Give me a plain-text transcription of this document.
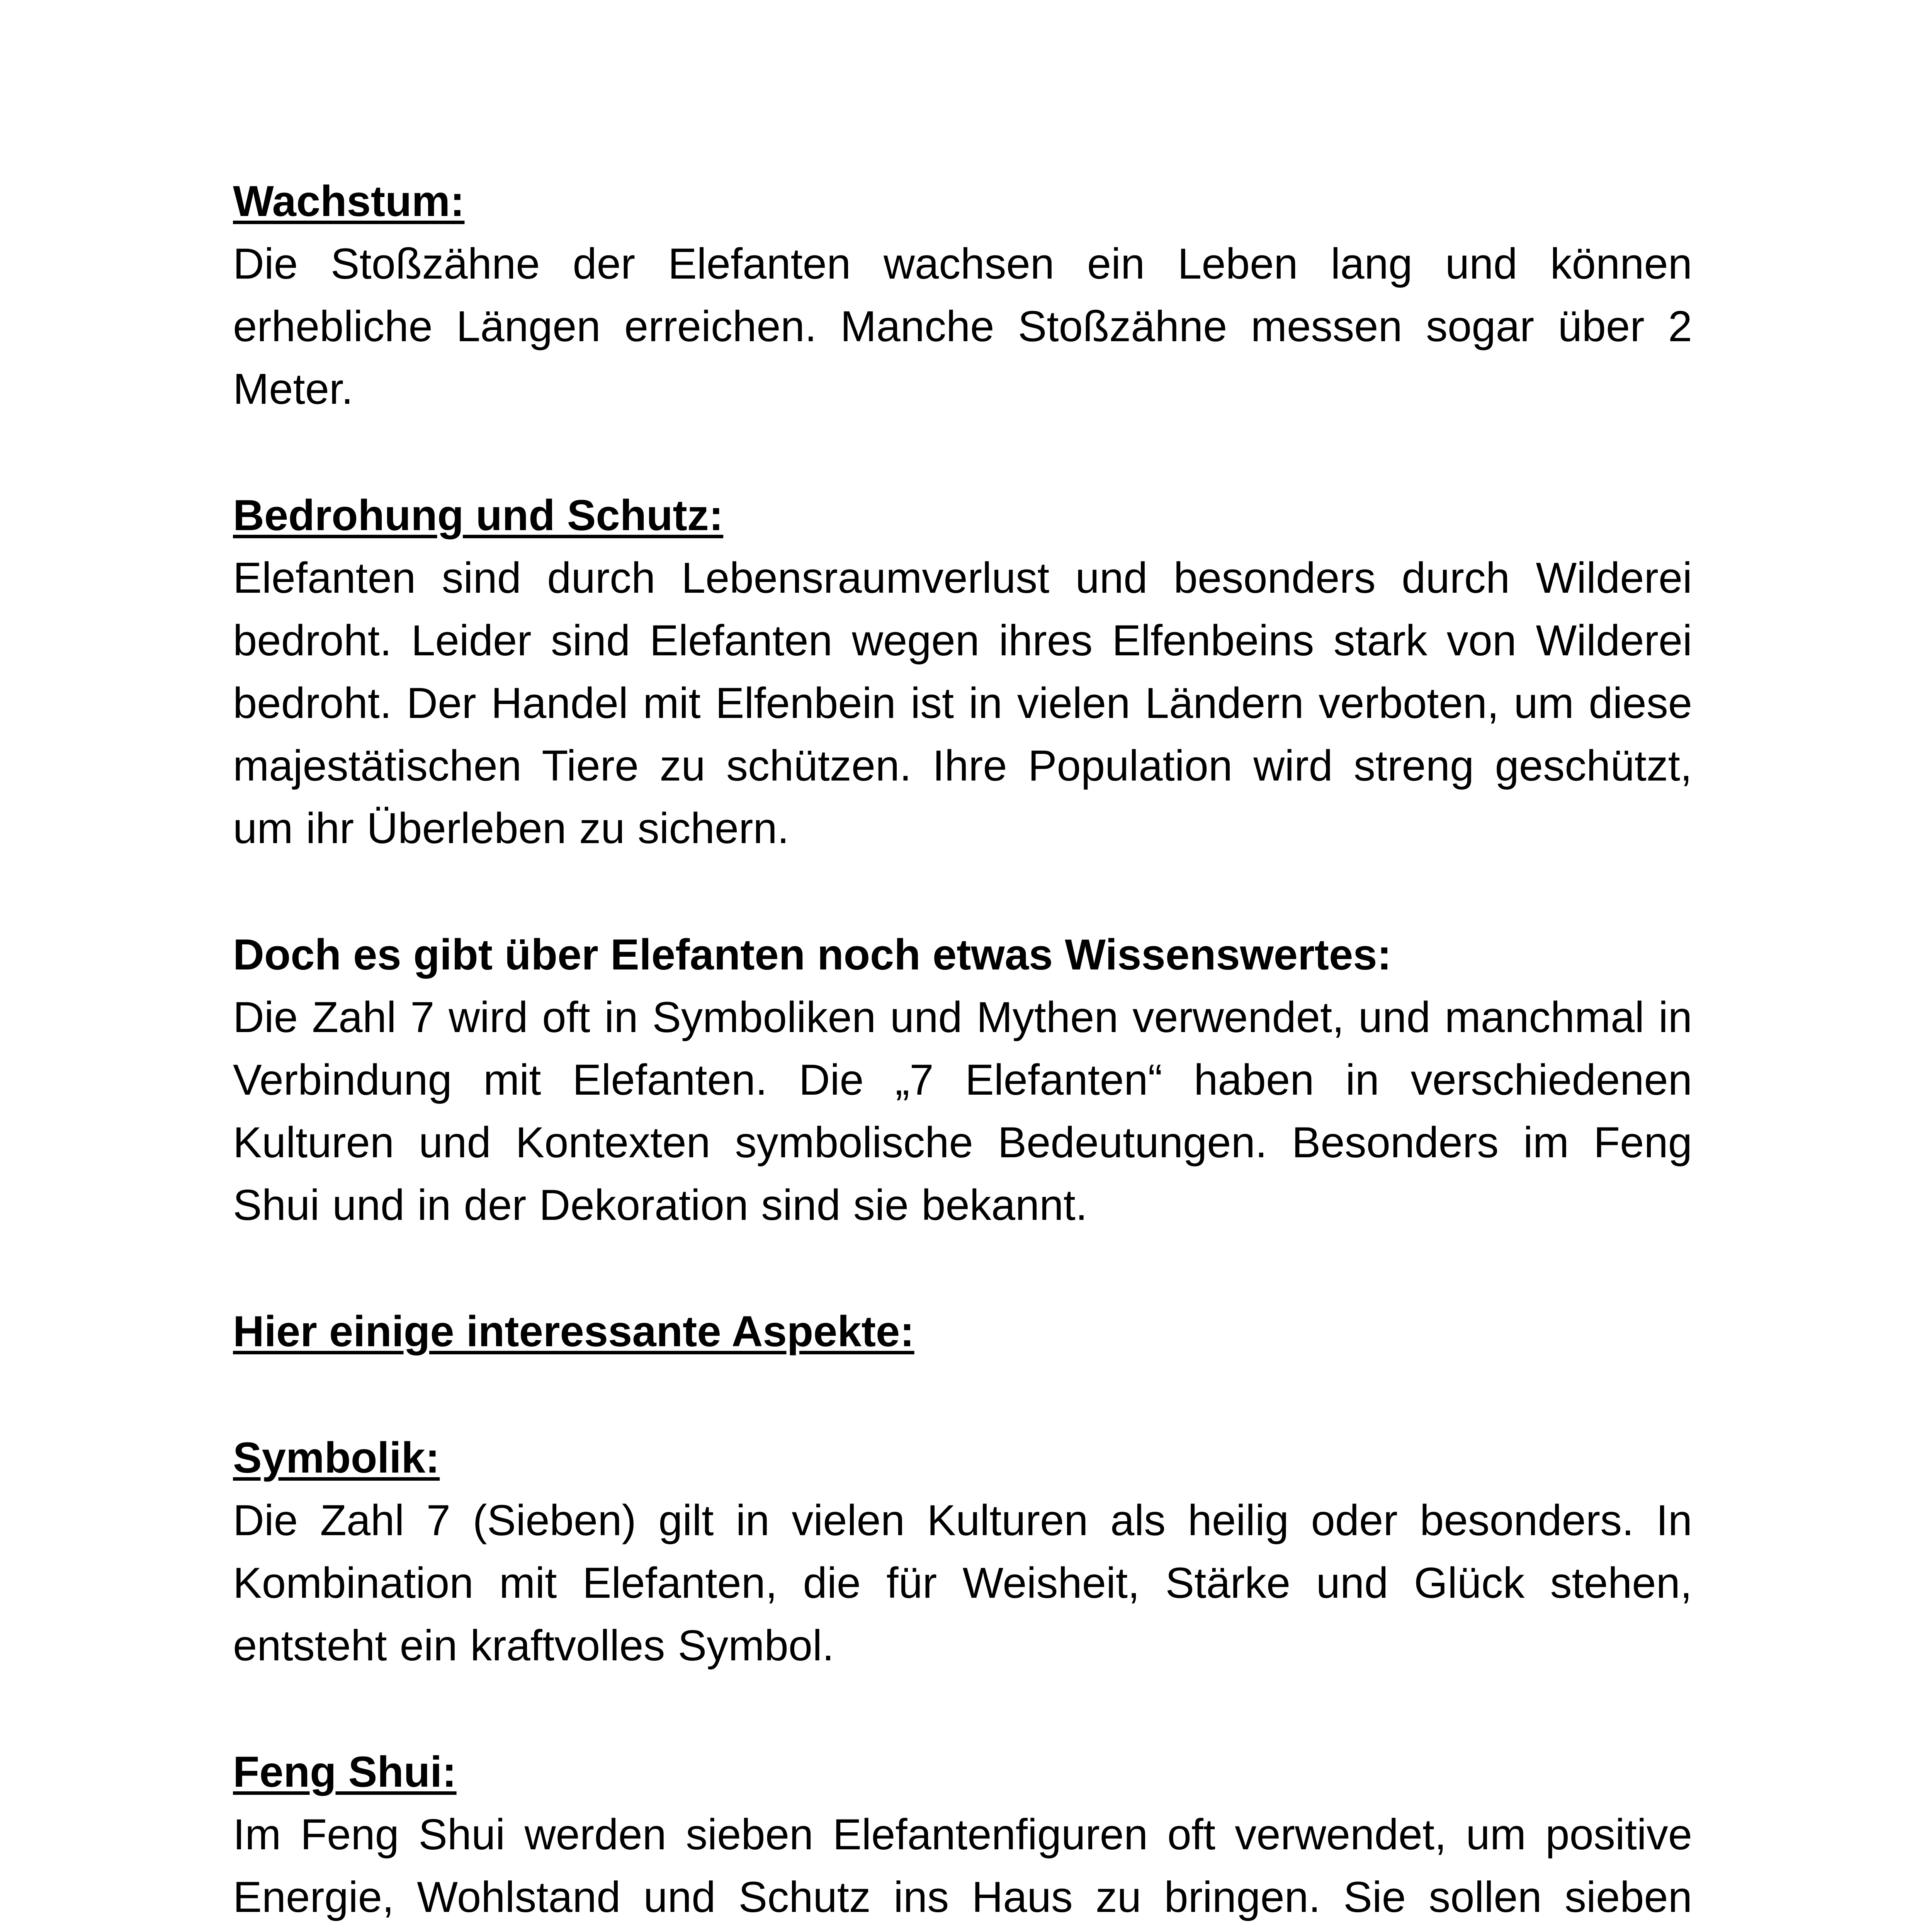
Wachstum:

Die Stoßzähne der Elefanten wachsen ein Leben lang und können erhebliche Längen erreichen. Manche Stoßzähne messen sogar über 2 Meter.

Bedrohung und Schutz:

Elefanten sind durch Lebensraumverlust und besonders durch Wilderei bedroht. Leider sind Elefanten wegen ihres Elfenbeins stark von Wilderei bedroht. Der Handel mit Elfenbein ist in vielen Ländern verboten, um diese majestätischen Tiere zu schützen. Ihre Population wird streng geschützt, um ihr Überleben zu sichern.

Doch es gibt über Elefanten noch etwas Wissenswertes:

Die Zahl 7 wird oft in Symboliken und Mythen verwendet, und manchmal in Verbindung mit Elefanten. Die „7 Elefanten“ haben in verschiedenen Kulturen und Kontexten symbolische Bedeutungen. Besonders im Feng Shui und in der Dekoration sind sie bekannt.

Hier einige interessante Aspekte:
Symbolik:

Die Zahl 7 (Sieben) gilt in vielen Kulturen als heilig oder besonders. In Kombination mit Elefanten, die für Weisheit, Stärke und Glück stehen, entsteht ein kraftvolles Symbol.

Feng Shui:

Im Feng Shui werden sieben Elefantenfiguren oft verwendet, um positive Energie, Wohlstand und Schutz ins Haus zu bringen. Sie sollen sieben
